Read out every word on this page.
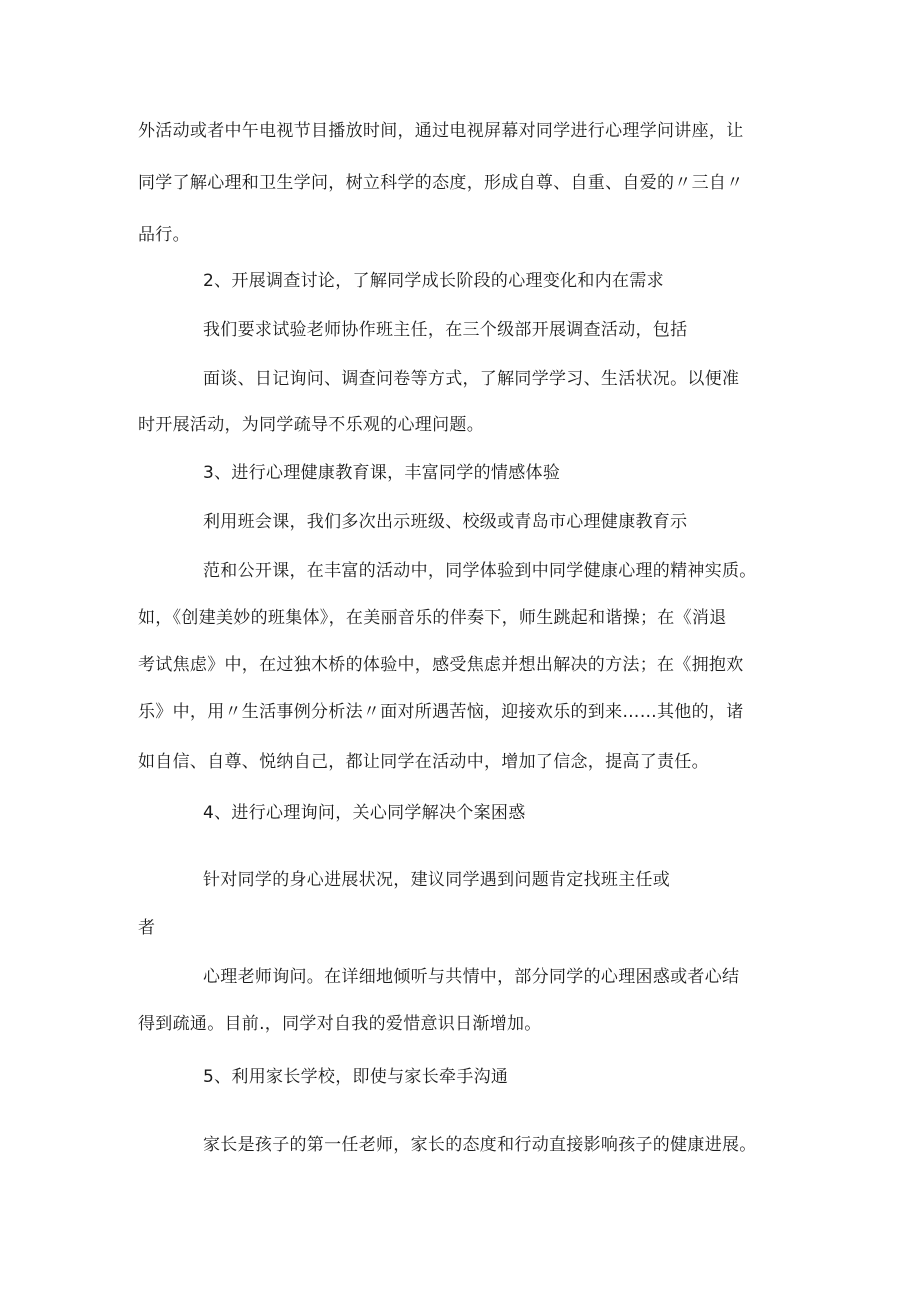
外活动或者中午电视节目播放时间，通过电视屏幕对同学进行心理学问讲座，让
同学了解心理和卫生学问，树立科学的态度，形成自尊、自重、自爱的〃三自〃
品行。
2、开展调查讨论，了解同学成长阶段的心理变化和内在需求
我们要求试验老师协作班主任，在三个级部开展调查活动，包括
面谈、日记询问、调查问卷等方式，了解同学学习、生活状况。以便准
时开展活动，为同学疏导不乐观的心理问题。
3、进行心理健康教育课，丰富同学的情感体验
利用班会课，我们多次出示班级、校级或青岛市心理健康教育示
范和公开课，在丰富的活动中，同学体验到中同学健康心理的精神实质。
如，《创建美妙的班集体》，在美丽音乐的伴奏下，师生跳起和谐操；在《消退
考试焦虑》中，在过独木桥的体验中，感受焦虑并想出解决的方法；在《拥抱欢
乐》中，用〃生活事例分析法〃面对所遇苦恼，迎接欢乐的到来……其他的，诸
如自信、自尊、悦纳自己，都让同学在活动中，增加了信念，提高了责任。
4、进行心理询问，关心同学解决个案困惑
针对同学的身心进展状况，建议同学遇到问题肯定找班主任或
者
心理老师询问。在详细地倾听与共情中，部分同学的心理困惑或者心结
得到疏通。目前.，同学对自我的爱惜意识日渐增加。
5、利用家长学校，即使与家长牵手沟通
家长是孩子的第一任老师，家长的态度和行动直接影响孩子的健康进展。
